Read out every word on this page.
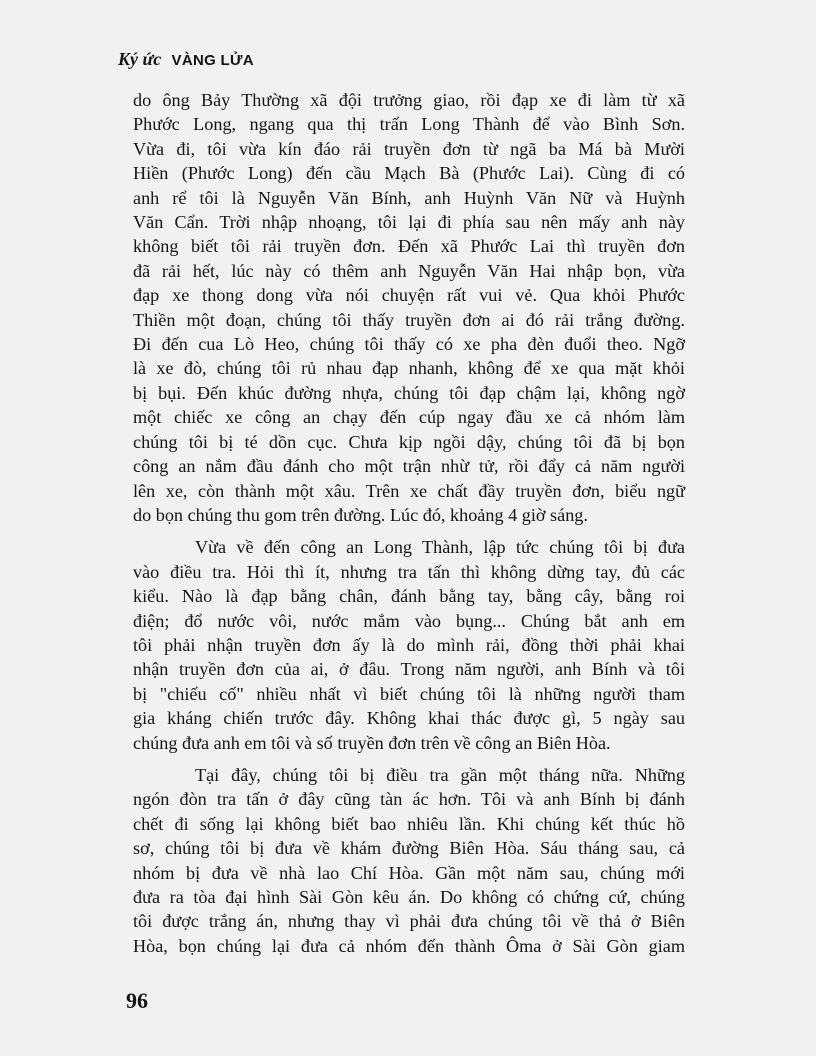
Ký ức VÀNG LỬA

do ông Bảy Thường xã đội trưởng giao, rồi đạp xe đi làm từ xã
Phước Long, ngang qua thị trấn Long Thành để vào Bình Sơn.
Vừa đi, tôi vừa kín đáo rải truyền đơn từ ngã ba Má bà Mười
Hiền (Phước Long) đến cầu Mạch Bà (Phước Lai). Cùng đi có
anh rể tôi là Nguyễn Văn Bính, anh Huỳnh Văn Nữ và Huỳnh
Văn Cẩn. Trời nhập nhoạng, tôi lại đi phía sau nên mấy anh này
không biết tôi rải truyền đơn. Đến xã Phước Lai thì truyền đơn
đã rải hết, lúc này có thêm anh Nguyễn Văn Hai nhập bọn, vừa
đạp xe thong dong vừa nói chuyện rất vui vẻ. Qua khỏi Phước
Thiền một đoạn, chúng tôi thấy truyền đơn ai đó rải trắng đường.
Đi đến cua Lò Heo, chúng tôi thấy có xe pha đèn đuổi theo. Ngỡ
là xe đò, chúng tôi rủ nhau đạp nhanh, không để xe qua mặt khỏi
bị bụi. Đến khúc đường nhựa, chúng tôi đạp chậm lại, không ngờ
một chiếc xe công an chạy đến cúp ngay đầu xe cả nhóm làm
chúng tôi bị té dồn cục. Chưa kịp ngồi dậy, chúng tôi đã bị bọn
công an nắm đầu đánh cho một trận nhừ tử, rồi đẩy cả năm người
lên xe, còn thành một xâu. Trên xe chất đầy truyền đơn, biểu ngữ
do bọn chúng thu gom trên đường. Lúc đó, khoảng 4 giờ sáng.

Vừa về đến công an Long Thành, lập tức chúng tôi bị đưa
vào điều tra. Hỏi thì ít, nhưng tra tấn thì không dừng tay, đủ các
kiểu. Nào là đạp bằng chân, đánh bằng tay, bằng cây, bằng roi
điện; đổ nước vôi, nước mắm vào bụng... Chúng bắt anh em
tôi phải nhận truyền đơn ấy là do mình rải, đồng thời phải khai
nhận truyền đơn của ai, ở đâu. Trong năm người, anh Bính và tôi
bị "chiếu cố" nhiều nhất vì biết chúng tôi là những người tham
gia kháng chiến trước đây. Không khai thác được gì, 5 ngày sau
chúng đưa anh em tôi và số truyền đơn trên về công an Biên Hòa.

Tại đây, chúng tôi bị điều tra gần một tháng nữa. Những
ngón đòn tra tấn ở đây cũng tàn ác hơn. Tôi và anh Bính bị đánh
chết đi sống lại không biết bao nhiêu lần. Khi chúng kết thúc hồ
sơ, chúng tôi bị đưa về khám đường Biên Hòa. Sáu tháng sau, cả
nhóm bị đưa về nhà lao Chí Hòa. Gần một năm sau, chúng mới
đưa ra tòa đại hình Sài Gòn kêu án. Do không có chứng cứ, chúng
tôi được trắng án, nhưng thay vì phải đưa chúng tôi về thả ở Biên
Hòa, bọn chúng lại đưa cả nhóm đến thành Ôma ở Sài Gòn giam

96
